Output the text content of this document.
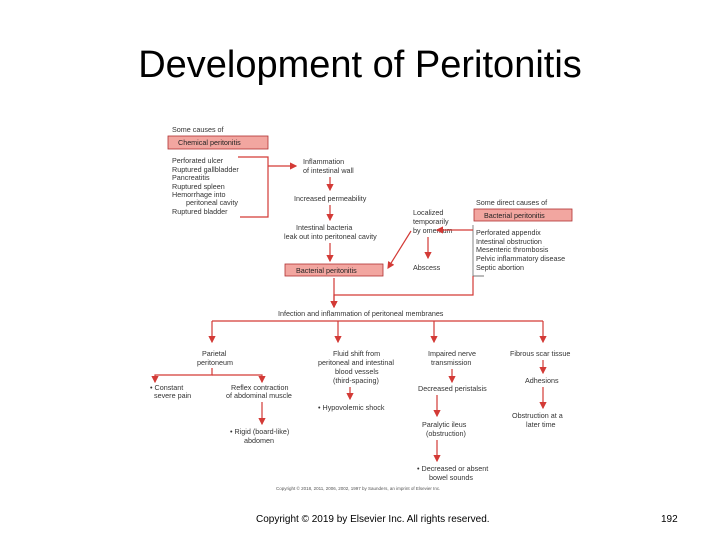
Development of Peritonitis
Some causes of
Chemical peritonitis
Perforated ulcer
Ruptured gallbladder
Pancreatitis
Ruptured spleen
Hemorrhage into
peritoneal cavity
Ruptured bladder
Inflammation
of intestinal wall
Increased permeability
Intestinal bacteria
leak out into peritoneal cavity
Bacterial peritonitis
Localized
temporarily
by omentum
Abscess
Some direct causes of
Bacterial peritonitis
Perforated appendix
Intestinal obstruction
Mesenteric thrombosis
Pelvic inflammatory disease
Septic abortion
Infection and inflammation of peritoneal membranes
Parietal
peritoneum
• Constant
severe pain
Reflex contraction
of abdominal muscle
• Rigid (board-like)
abdomen
Fluid shift from
peritoneal and intestinal
blood vessels
(third-spacing)
• Hypovolemic shock
Impaired nerve
transmission
Decreased peristalsis
Paralytic ileus
(obstruction)
• Decreased or absent
bowel sounds
Fibrous scar tissue
Adhesions
Obstruction at a
later time
Copyright © 2018, 2011, 2006, 2002, 1997 by Saunders, an imprint of Elsevier Inc.
Copyright © 2019 by Elsevier Inc. All rights reserved.	192
